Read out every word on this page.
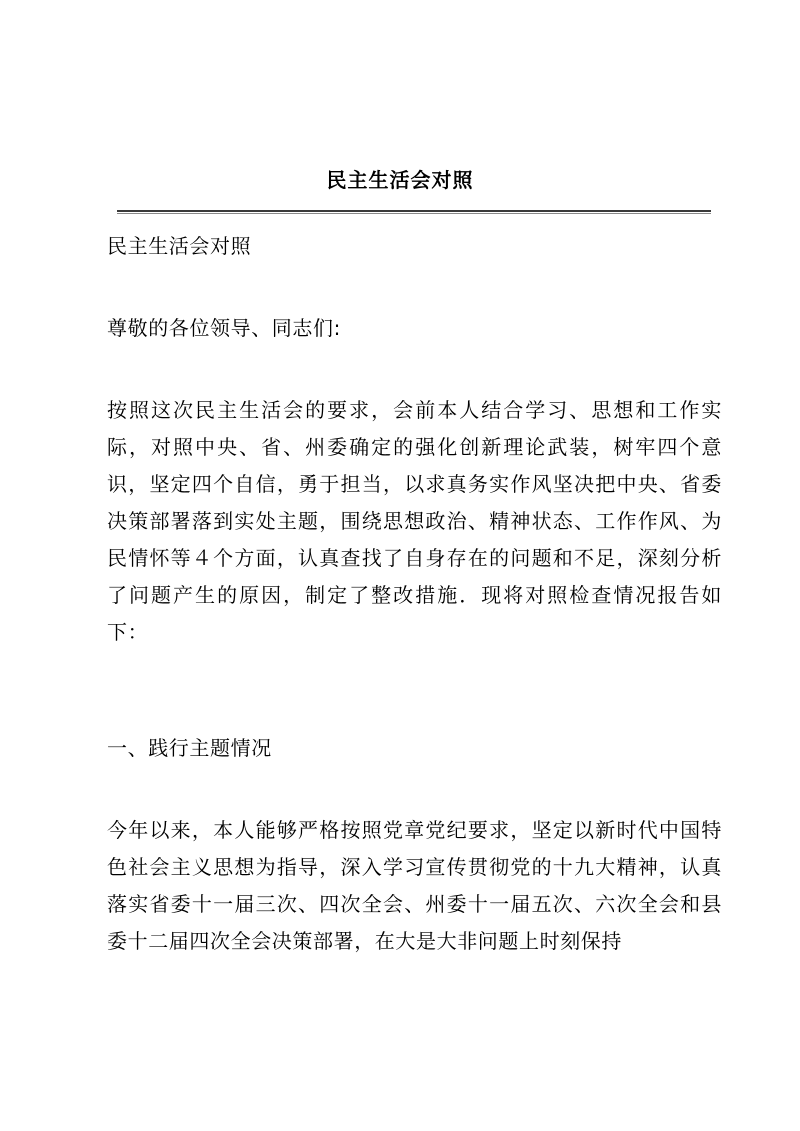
民主生活会对照

民主生活会对照

尊敬的各位领导、同志们:

按照这次民主生活会的要求，会前本人结合学习、思想和工作实际，对照中央、省、州委确定的强化创新理论武装，树牢四个意识，坚定四个自信，勇于担当，以求真务实作风坚决把中央、省委决策部署落到实处主题，围绕思想政治、精神状态、工作作风、为民情怀等４个方面，认真查找了自身存在的问题和不足，深刻分析了问题产生的原因，制定了整改措施．现将对照检查情况报告如下：

一、践行主题情况

今年以来，本人能够严格按照党章党纪要求，坚定以新时代中国特色社会主义思想为指导，深入学习宣传贯彻党的十九大精神，认真落实省委十一届三次、四次全会、州委十一届五次、六次全会和县委十二届四次全会决策部署，在大是大非问题上时刻保持
